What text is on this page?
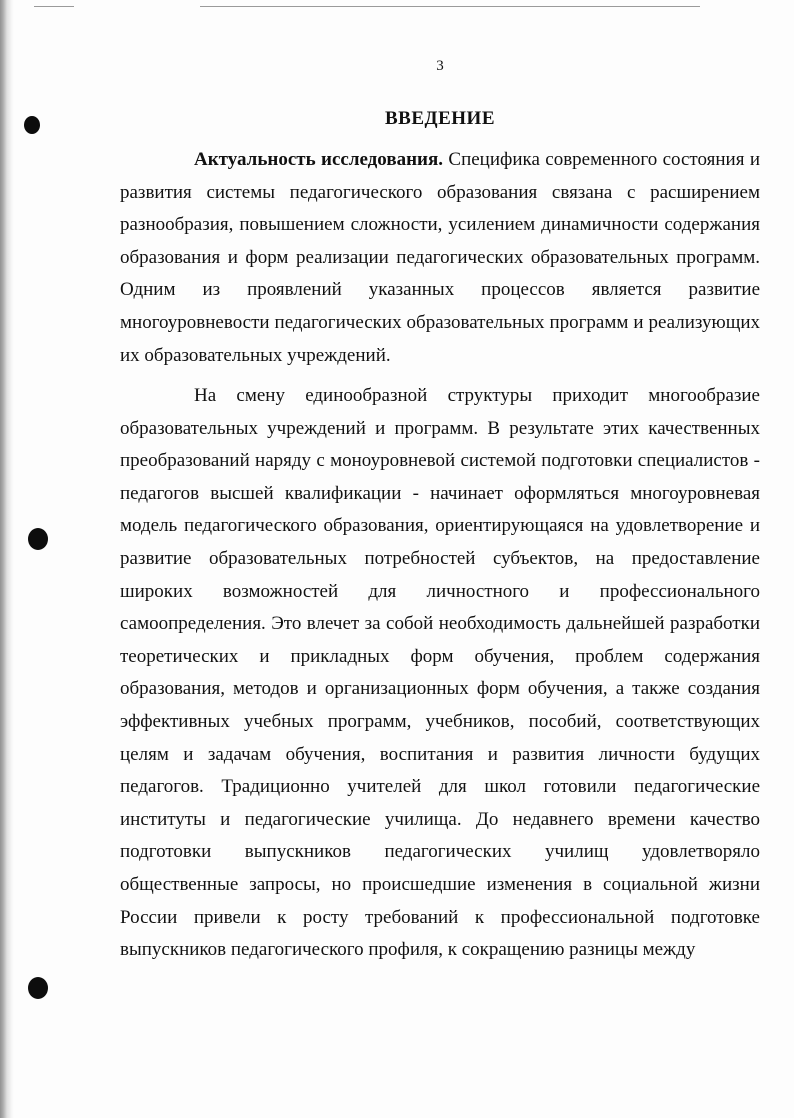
3
ВВЕДЕНИЕ

Актуальность исследования. Специфика современного состояния и развития системы педагогического образования связана с расширением разнообразия, повышением сложности, усилением динамичности содержания образования и форм реализации педагогических образовательных программ. Одним из проявлений указанных процессов является развитие многоуровневости педагогических образовательных программ и реализующих их образовательных учреждений.

На смену единообразной структуры приходит многообразие образовательных учреждений и программ. В результате этих качественных преобразований наряду с моноуровневой системой подготовки специалистов - педагогов высшей квалификации - начинает оформляться многоуровневая модель педагогического образования, ориентирующаяся на удовлетворение и развитие образовательных потребностей субъектов, на предоставление широких возможностей для личностного и профессионального самоопределения. Это влечет за собой необходимость дальнейшей разработки теоретических и прикладных форм обучения, проблем содержания образования, методов и организационных форм обучения, а также создания эффективных учебных программ, учебников, пособий, соответствующих целям и задачам обучения, воспитания и развития личности будущих педагогов. Традиционно учителей для школ готовили педагогические институты и педагогические училища. До недавнего времени качество подготовки выпускников педагогических училищ удовлетворяло общественные запросы, но происшедшие изменения в социальной жизни России привели к росту требований к профессиональной подготовке выпускников педагогического профиля, к сокращению разницы между
